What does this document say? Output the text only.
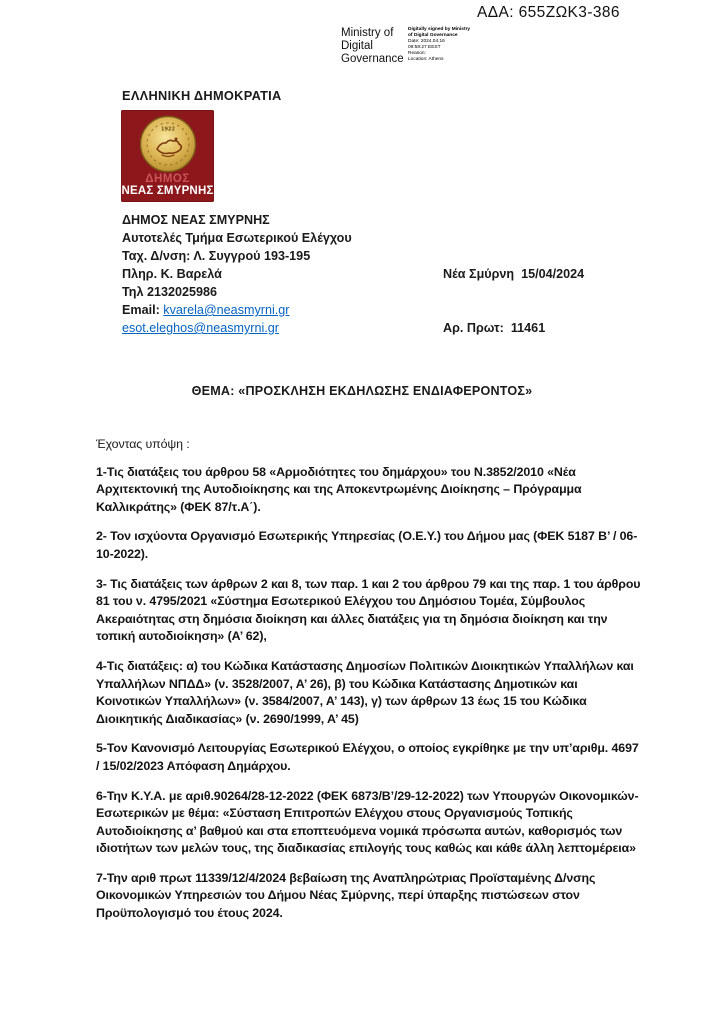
ΑΔΑ: 655ΖΩΚ3-386
Ministry of
Digital
Governance
Digitally signed by Ministry
of Digital Governance
Date: 2024.04.16
09:58:27 EEST
Reason:
Location: Athens
ΕΛΛΗΝΙΚΗ ΔΗΜΟΚΡΑΤΙΑ
1922
ΔΗΜΟΣ
ΝΕΑΣ ΣΜΥΡΝΗΣ
ΔΗΜΟΣ ΝΕΑΣ ΣΜΥΡΝΗΣ
Αυτοτελές Τμήμα Εσωτερικού Ελέγχου
Ταχ. Δ/νση: Λ. Συγγρού 193-195
Πληρ. Κ. Βαρελά
Τηλ 2132025986
Email: kvarela@neasmyrni.gr
esot.eleghos@neasmyrni.gr

Νέα Σμύρνη  15/04/2024

Αρ. Πρωτ:  11461

ΘΕΜΑ: «ΠΡΟΣΚΛΗΣΗ ΕΚΔΗΛΩΣΗΣ ΕΝΔΙΑΦΕΡΟΝΤΟΣ»
Έχοντας υπόψη :

1-Τις διατάξεις του άρθρου 58 «Αρμοδιότητες του δημάρχου» του Ν.3852/2010 «Νέα Αρχιτεκτονική της Αυτοδιοίκησης και της Αποκεντρωμένης Διοίκησης – Πρόγραμμα Καλλικράτης» (ΦΕΚ 87/τ.Α΄).

2- Τον ισχύοντα Οργανισμό Εσωτερικής Υπηρεσίας (Ο.Ε.Υ.) του Δήμου μας (ΦΕΚ 5187 Β’ / 06-10-2022).

3- Τις διατάξεις των άρθρων 2 και 8, των παρ. 1 και 2 του άρθρου 79 και της παρ. 1 του άρθρου 81 του ν. 4795/2021 «Σύστημα Εσωτερικού Ελέγχου του Δημόσιου Τομέα, Σύμβουλος Ακεραιότητας στη δημόσια διοίκηση και άλλες διατάξεις για τη δημόσια διοίκηση και την τοπική αυτοδιοίκηση» (Α’ 62),

4-Τις διατάξεις: α) του Κώδικα Κατάστασης Δημοσίων Πολιτικών Διοικητικών Υπαλλήλων και Υπαλλήλων ΝΠΔΔ» (ν. 3528/2007, Α’ 26), β) του Κώδικα Κατάστασης Δημοτικών και Κοινοτικών Υπαλλήλων» (ν. 3584/2007, Α’ 143), γ) των άρθρων 13 έως 15 του Κώδικα Διοικητικής Διαδικασίας» (ν. 2690/1999, Α’ 45)

5-Τον Κανονισμό Λειτουργίας Εσωτερικού Ελέγχου, ο οποίος εγκρίθηκε με την υπ’αριθμ. 4697 / 15/02/2023 Απόφαση Δημάρχου.

6-Την Κ.Υ.Α. με αριθ.90264/28-12-2022 (ΦΕΚ 6873/Β’/29-12-2022) των Υπουργών Οικονομικών- Εσωτερικών με θέμα: «Σύσταση Επιτροπών Ελέγχου στους Οργανισμούς Τοπικής Αυτοδιοίκησης α’ βαθμού και στα εποπτευόμενα νομικά πρόσωπα αυτών, καθορισμός των ιδιοτήτων των μελών τους, της διαδικασίας επιλογής τους καθώς και κάθε άλλη λεπτομέρεια»

7-Την αριθ πρωτ 11339/12/4/2024 βεβαίωση της Αναπληρώτριας Προϊσταμένης Δ/νσης Οικονομικών Υπηρεσιών του Δήμου Νέας Σμύρνης, περί ύπαρξης πιστώσεων στον Προϋπολογισμό του έτους 2024.
